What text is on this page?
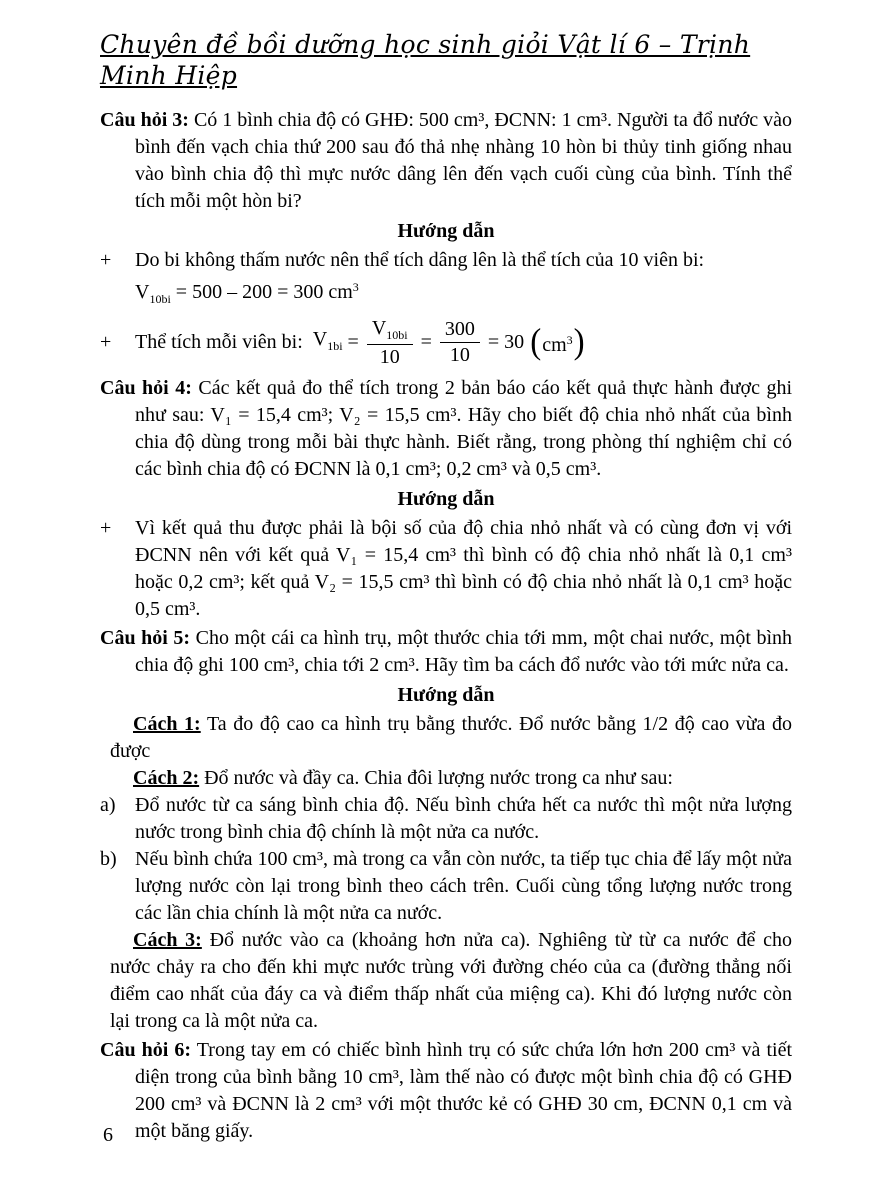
Chuyên đề bồi dưỡng học sinh giỏi Vật lí 6 – Trịnh Minh Hiệp

Câu hỏi 3: Có 1 bình chia độ có GHĐ: 500 cm³, ĐCNN: 1 cm³. Người ta đổ nước vào bình đến vạch chia thứ 200 sau đó thả nhẹ nhàng 10 hòn bi thủy tinh giống nhau vào bình chia độ thì mực nước dâng lên đến vạch cuối cùng của bình. Tính thể tích mỗi một hòn bi?

Hướng dẫn

+ Do bi không thấm nước nên thể tích dâng lên là thể tích của 10 viên bi:

$V_{10bi} = 500 - 200 = 300$ $cm^3$

+	Thể tích mỗi viên bi: $V_{1bi} = \frac{V_{10bi}}{10} = \frac{300}{10} = 30$ ( $cm^3$ )

Câu hỏi 4: Các kết quả đo thể tích trong 2 bản báo cáo kết quả thực hành được ghi như sau: V₁ = 15,4 cm³; V₂ = 15,5 cm³. Hãy cho biết độ chia nhỏ nhất của bình chia độ dùng trong mỗi bài thực hành. Biết rằng, trong phòng thí nghiệm chỉ có các bình chia độ có ĐCNN là 0,1 cm³; 0,2 cm³ và 0,5 cm³.

Hướng dẫn

+ Vì kết quả thu được phải là bội số của độ chia nhỏ nhất và có cùng đơn vị với ĐCNN nên với kết quả V₁ = 15,4 cm³ thì bình có độ chia nhỏ nhất là 0,1 cm³ hoặc 0,2 cm³; kết quả V₂ = 15,5 cm³ thì bình có độ chia nhỏ nhất là 0,1 cm³ hoặc 0,5 cm³.

Câu hỏi 5: Cho một cái ca hình trụ, một thước chia tới mm, một chai nước, một bình chia độ ghi 100 cm³, chia tới 2 cm³. Hãy tìm ba cách đổ nước vào tới mức nửa ca.

Hướng dẫn

Cách 1: Ta đo độ cao ca hình trụ bằng thước. Đổ nước bằng 1/2 độ cao vừa đo được

Cách 2: Đổ nước và đầy ca. Chia đôi lượng nước trong ca như sau:

a) Đổ nước từ ca sáng bình chia độ. Nếu bình chứa hết ca nước thì một nửa lượng nước trong bình chia độ chính là một nửa ca nước.

b) Nếu bình chứa 100 cm³, mà trong ca vẫn còn nước, ta tiếp tục chia để lấy một nửa lượng nước còn lại trong bình theo cách trên. Cuối cùng tổng lượng nước trong các lần chia chính là một nửa ca nước.

Cách 3: Đổ nước vào ca (khoảng hơn nửa ca). Nghiêng từ từ ca nước để cho nước chảy ra cho đến khi mực nước trùng với đường chéo của ca (đường thẳng nối điểm cao nhất của đáy ca và điểm thấp nhất của miệng ca). Khi đó lượng nước còn lại trong ca là một nửa ca.

Câu hỏi 6: Trong tay em có chiếc bình hình trụ có sức chứa lớn hơn 200 cm³ và tiết diện trong của bình bằng 10 cm³, làm thế nào có được một bình chia độ có GHĐ 200 cm³ và ĐCNN là 2 cm³ với một thước kẻ có GHĐ 30 cm, ĐCNN 0,1 cm và một băng giấy.

6
